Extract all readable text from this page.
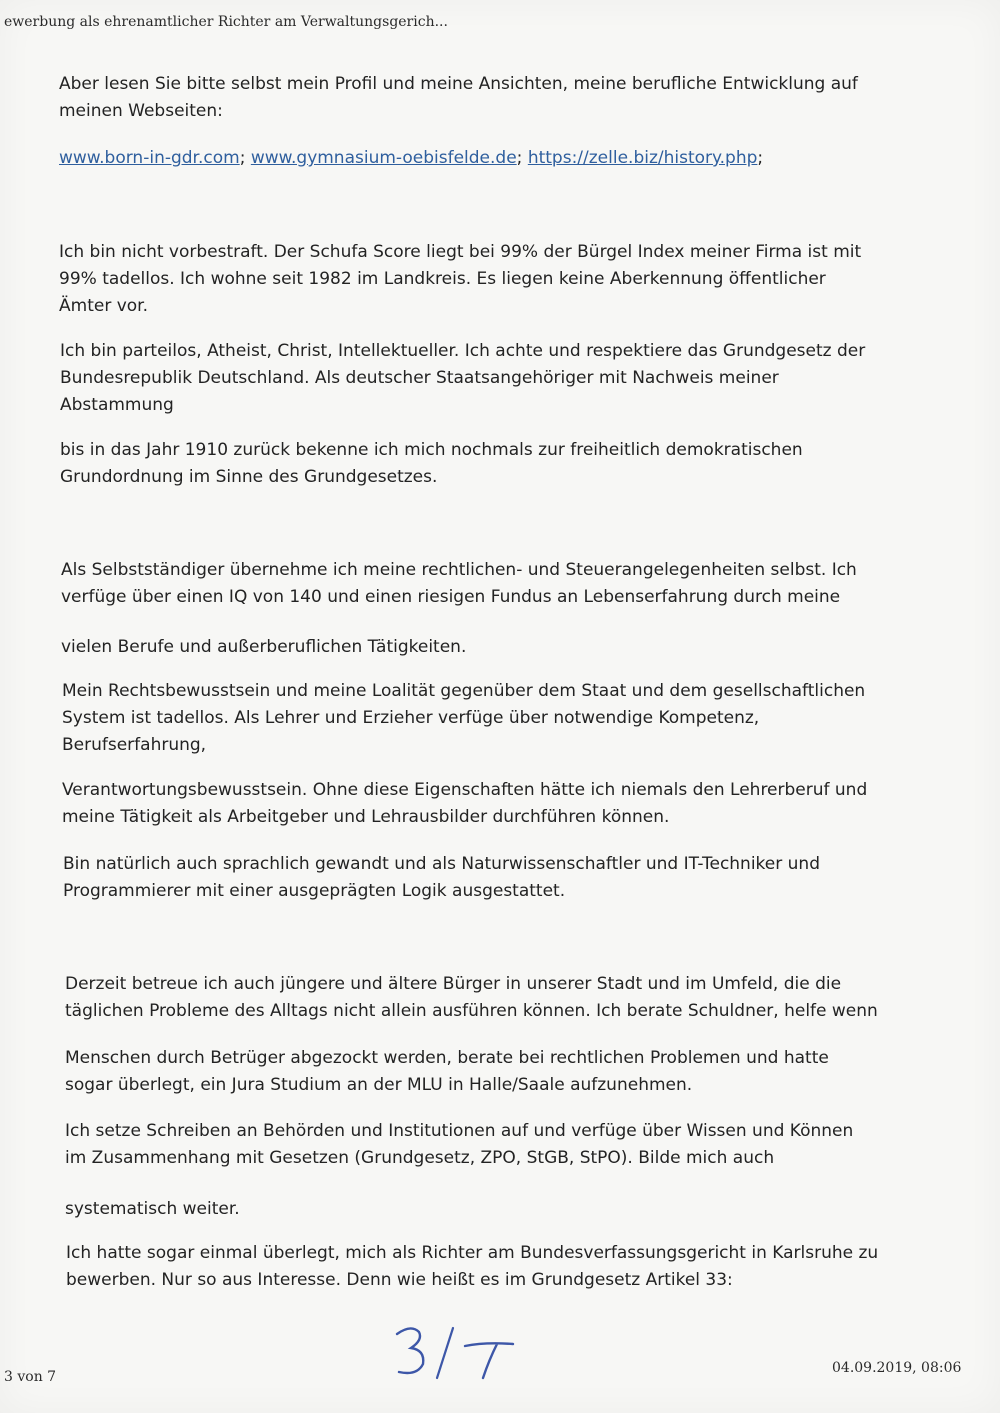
ewerbung als ehrenamtlicher Richter am Verwaltungsgerich...
Aber lesen Sie bitte selbst mein Profil und meine Ansichten, meine berufliche Entwicklung auf
meinen Webseiten:
www.born-in-gdr.com; www.gymnasium-oebisfelde.de; https://zelle.biz/history.php;
Ich bin nicht vorbestraft. Der Schufa Score liegt bei 99% der Bürgel Index meiner Firma ist mit
99% tadellos. Ich wohne seit 1982 im Landkreis. Es liegen keine Aberkennung öffentlicher
Ämter vor.
Ich bin parteilos, Atheist, Christ, Intellektueller. Ich achte und respektiere das Grundgesetz der
Bundesrepublik Deutschland. Als deutscher Staatsangehöriger mit Nachweis meiner
Abstammung
bis in das Jahr 1910 zurück bekenne ich mich nochmals zur freiheitlich demokratischen
Grundordnung im Sinne des Grundgesetzes.
Als Selbstständiger übernehme ich meine rechtlichen- und Steuerangelegenheiten selbst. Ich
verfüge über einen IQ von 140 und einen riesigen Fundus an Lebenserfahrung durch meine
vielen Berufe und außerberuflichen Tätigkeiten.
Mein Rechtsbewusstsein und meine Loalität gegenüber dem Staat und dem gesellschaftlichen
System ist tadellos. Als Lehrer und Erzieher verfüge über notwendige Kompetenz,
Berufserfahrung,
Verantwortungsbewusstsein. Ohne diese Eigenschaften hätte ich niemals den Lehrerberuf und
meine Tätigkeit als Arbeitgeber und Lehrausbilder durchführen können.
Bin natürlich auch sprachlich gewandt und als Naturwissenschaftler und IT-Techniker und
Programmierer mit einer ausgeprägten Logik ausgestattet.
Derzeit betreue ich auch jüngere und ältere Bürger in unserer Stadt und im Umfeld, die die
täglichen Probleme des Alltags nicht allein ausführen können. Ich berate Schuldner, helfe wenn
Menschen durch Betrüger abgezockt werden, berate bei rechtlichen Problemen und hatte
sogar überlegt, ein Jura Studium an der MLU in Halle/Saale aufzunehmen.
Ich setze Schreiben an Behörden und Institutionen auf und verfüge über Wissen und Können
im Zusammenhang mit Gesetzen (Grundgesetz, ZPO, StGB, StPO). Bilde mich auch
systematisch weiter.
Ich hatte sogar einmal überlegt, mich als Richter am Bundesverfassungsgericht in Karlsruhe zu
bewerben. Nur so aus Interesse. Denn wie heißt es im Grundgesetz Artikel 33:
3 von 7
04.09.2019, 08:06
